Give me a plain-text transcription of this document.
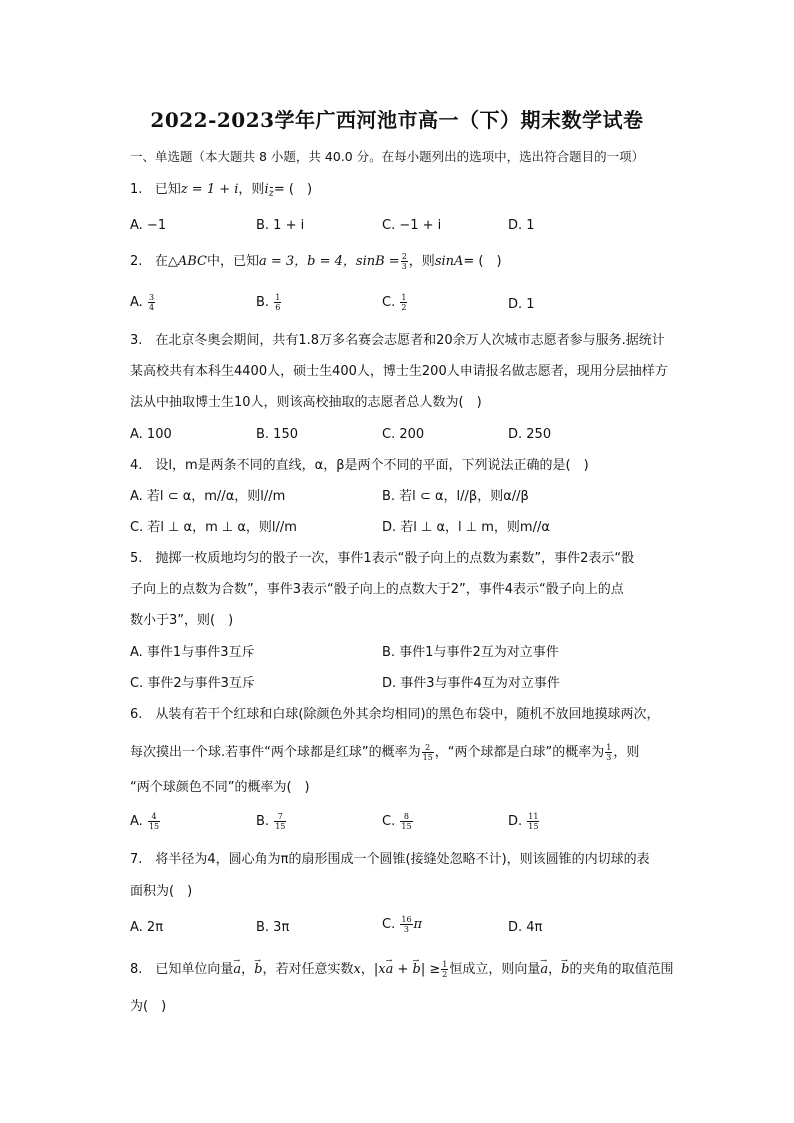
2022-2023学年广西河池市高一（下）期末数学试卷
一、单选题（本大题共 8 小题，共 40.0 分。在每小题列出的选项中，选出符合题目的一项）
1. 已知z = 1 + i，则iz= (　)
A. −1	B. 1 + i	C. −1 + i	D. 1
2. 在△ABC中，已知a = 3，b = 4，$\sin B = \frac{2}{3}$ ，则sinA= (　)
A. $\frac{3}{4}$	B. $\frac{1}{6}$	C. $\frac{1}{2}$	D. 1
3.　在北京冬奥会期间，共有1.8万多名赛会志愿者和20余万人次城市志愿者参与服务.据统计
某高校共有本科生4400人，硕士生400人，博士生200人申请报名做志愿者，现用分层抽样方
法从中抽取博士生10人，则该高校抽取的志愿者总人数为(　)
A. 100	B. 150	C. 200	D. 250
4.　设l，m是两条不同的直线，α，β是两个不同的平面，下列说法正确的是(　)
A. 若l ⊂ α，m//α，则l//m	B. 若l ⊂ α，l//β，则α//β
C. 若l ⊥ α，m ⊥ α，则l//m	D. 若l ⊥ α，l ⊥ m，则m//α
5.　抛掷一枚质地均匀的骰子一次，事件1表示“骰子向上的点数为素数”，事件2表示“骰
子向上的点数为合数”，事件3表示“骰子向上的点数大于2”，事件4表示“骰子向上的点
数小于3”，则(　)
A. 事件1与事件3互斥	B. 事件1与事件2互为对立事件
C. 事件2与事件3互斥	D. 事件3与事件4互为对立事件
6.　从装有若干个红球和白球(除颜色外其余均相同)的黑色布袋中，随机不放回地摸球两次，
每次摸出一个球.若事件“两个球都是红球”的概率为 $\frac{2}{15}$ ，“两个球都是白球”的概率为 $\frac{1}{3}$ ，则
“两个球颜色不同”的概率为(　)
A. $\frac{4}{15}$	B. $\frac{7}{15}$	C. $\frac{8}{15}$	D. $\frac{11}{15}$
7.　将半径为4，圆心角为π的扇形围成一个圆锥(接缝处忽略不计)，则该圆锥的内切球的表
面积为(　)
A. 2π	B. 3π	C. $\frac{16}{3}$ π	D. 4π
8.　已知单位向量→ a，→ b，若对任意实数x，|x→ a + → $b| \ge \frac{1}{2}$ 恒成立，则向量→ a，→ b的夹角的取值范围
为(　)
